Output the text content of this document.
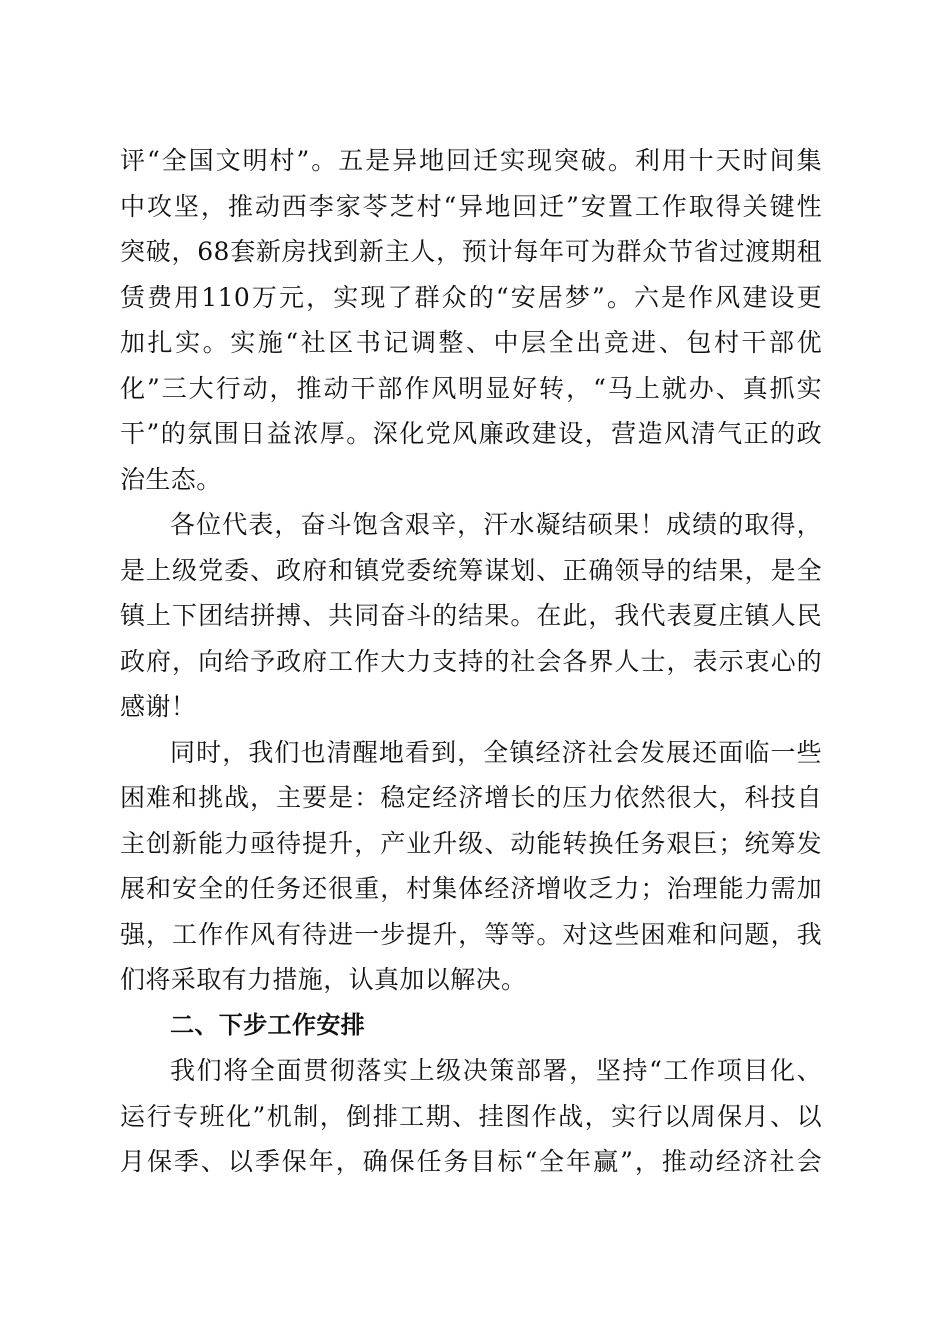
评“全国文明村”。五是异地回迁实现突破。利用十天时间集
中攻坚，推动西李家苓芝村“异地回迁”安置工作取得关键性
突破，68套新房找到新主人，预计每年可为群众节省过渡期租
赁费用110万元，实现了群众的“安居梦”。六是作风建设更
加扎实。实施“社区书记调整、中层全出竞进、包村干部优
化”三大行动，推动干部作风明显好转，“马上就办、真抓实
干”的氛围日益浓厚。深化党风廉政建设，营造风清气正的政
治生态。
各位代表，奋斗饱含艰辛，汗水凝结硕果！成绩的取得，
是上级党委、政府和镇党委统筹谋划、正确领导的结果，是全
镇上下团结拼搏、共同奋斗的结果。在此，我代表夏庄镇人民
政府，向给予政府工作大力支持的社会各界人士，表示衷心的
感谢！
同时，我们也清醒地看到，全镇经济社会发展还面临一些
困难和挑战，主要是：稳定经济增长的压力依然很大，科技自
主创新能力亟待提升，产业升级、动能转换任务艰巨；统筹发
展和安全的任务还很重，村集体经济增收乏力；治理能力需加
强，工作作风有待进一步提升，等等。对这些困难和问题，我
们将采取有力措施，认真加以解决。
二、下步工作安排
我们将全面贯彻落实上级决策部署，坚持“工作项目化、
运行专班化”机制，倒排工期、挂图作战，实行以周保月、以
月保季、以季保年，确保任务目标“全年赢”，推动经济社会
